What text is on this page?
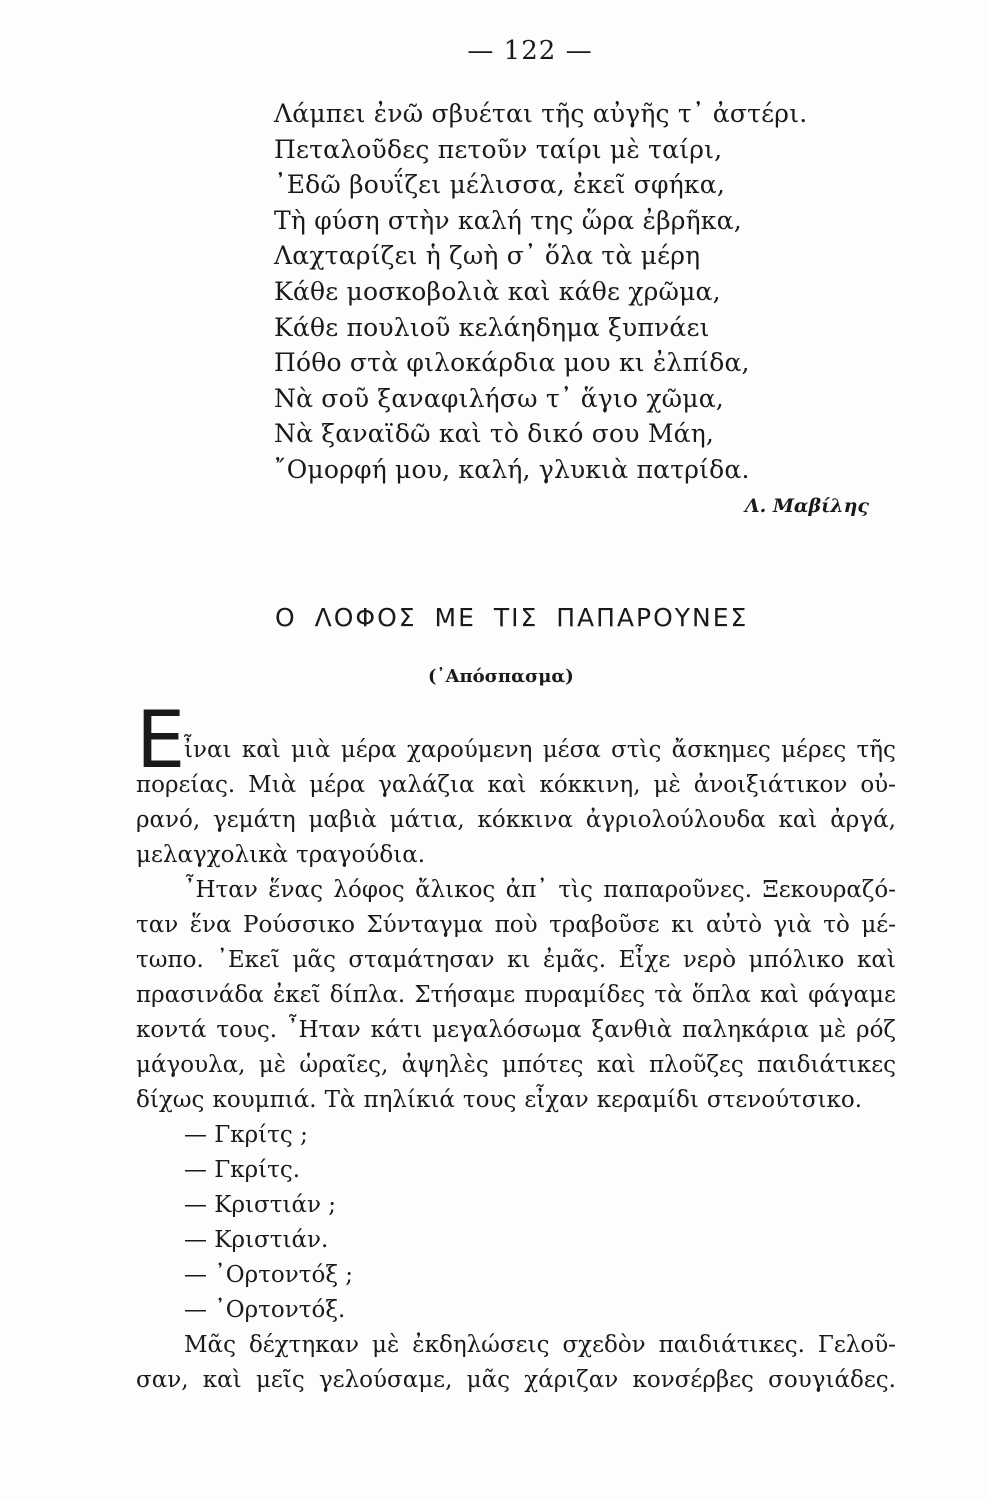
— 122 —
Λάμπει ἐνῶ σβυέται τῆς αὐγῆς τ᾽ ἀστέρι.
Πεταλοῦδες πετοῦν ταίρι μὲ ταίρι,
᾽Εδῶ βουΐζει μέλισσα, ἐκεῖ σφήκα,
Τὴ φύση στὴν καλή της ὥρα ἐβρῆκα,
Λαχταρίζει ἡ ζωὴ σ᾽ ὅλα τὰ μέρη
Κάθε μοσκοβολιὰ καὶ κάθε χρῶμα,
Κάθε πουλιοῦ κελάηδημα ξυπνάει
Πόθο στὰ φιλοκάρδια μου κι ἐλπίδα,
Νὰ σοῦ ξαναφιλήσω τ᾽ ἅγιο χῶμα,
Νὰ ξαναϊδῶ καὶ τὸ δικό σου Μάη,
῎Ομορφή μου, καλή, γλυκιὰ πατρίδα.
Λ. Μαβίλης
Ο ΛΟΦΟΣ ΜΕ ΤΙΣ ΠΑΠΑΡΟΥΝΕΣ
(᾽Απόσπασμα)
Ε
ἶναι καὶ μιὰ μέρα χαρούμενη μέσα στὶς ἄσκημες μέρες τῆς
πορείας. Μιὰ μέρα γαλάζια καὶ κόκκινη, μὲ ἀνοιξιάτικον οὐ-
ρανό, γεμάτη μαβιὰ μάτια, κόκκινα ἀγριολούλουδα καὶ ἀργά,
μελαγχολικὰ τραγούδια.
῏Ηταν ἕνας λόφος ἄλικος ἀπ᾽ τὶς παπαροῦνες. Ξεκουραζό-
ταν ἕνα Ρούσσικο Σύνταγμα ποὺ τραβοῦσε κι αὐτὸ γιὰ τὸ μέ-
τωπο. ᾽Εκεῖ μᾶς σταμάτησαν κι ἐμᾶς. Εἶχε νερὸ μπόλικο καὶ
πρασινάδα ἐκεῖ δίπλα. Στήσαμε πυραμίδες τὰ ὅπλα καὶ φάγαμε
κοντά τους. ῏Ηταν κάτι μεγαλόσωμα ξανθιὰ παληκάρια μὲ ρόζ
μάγουλα, μὲ ὡραῖες, ἀψηλὲς μπότες καὶ πλοῦζες παιδιάτικες
δίχως κουμπιά. Τὰ πηλίκιά τους εἶχαν κεραμίδι στενούτσικο.
— Γκρίτς ;
— Γκρίτς.
— Κριστιάν ;
— Κριστιάν.
— ᾽Ορτοντόξ ;
— ᾽Ορτοντόξ.
Μᾶς δέχτηκαν μὲ ἐκδηλώσεις σχεδὸν παιδιάτικες. Γελοῦ-
σαν, καὶ μεῖς γελούσαμε, μᾶς χάριζαν κονσέρβες σουγιάδες.
